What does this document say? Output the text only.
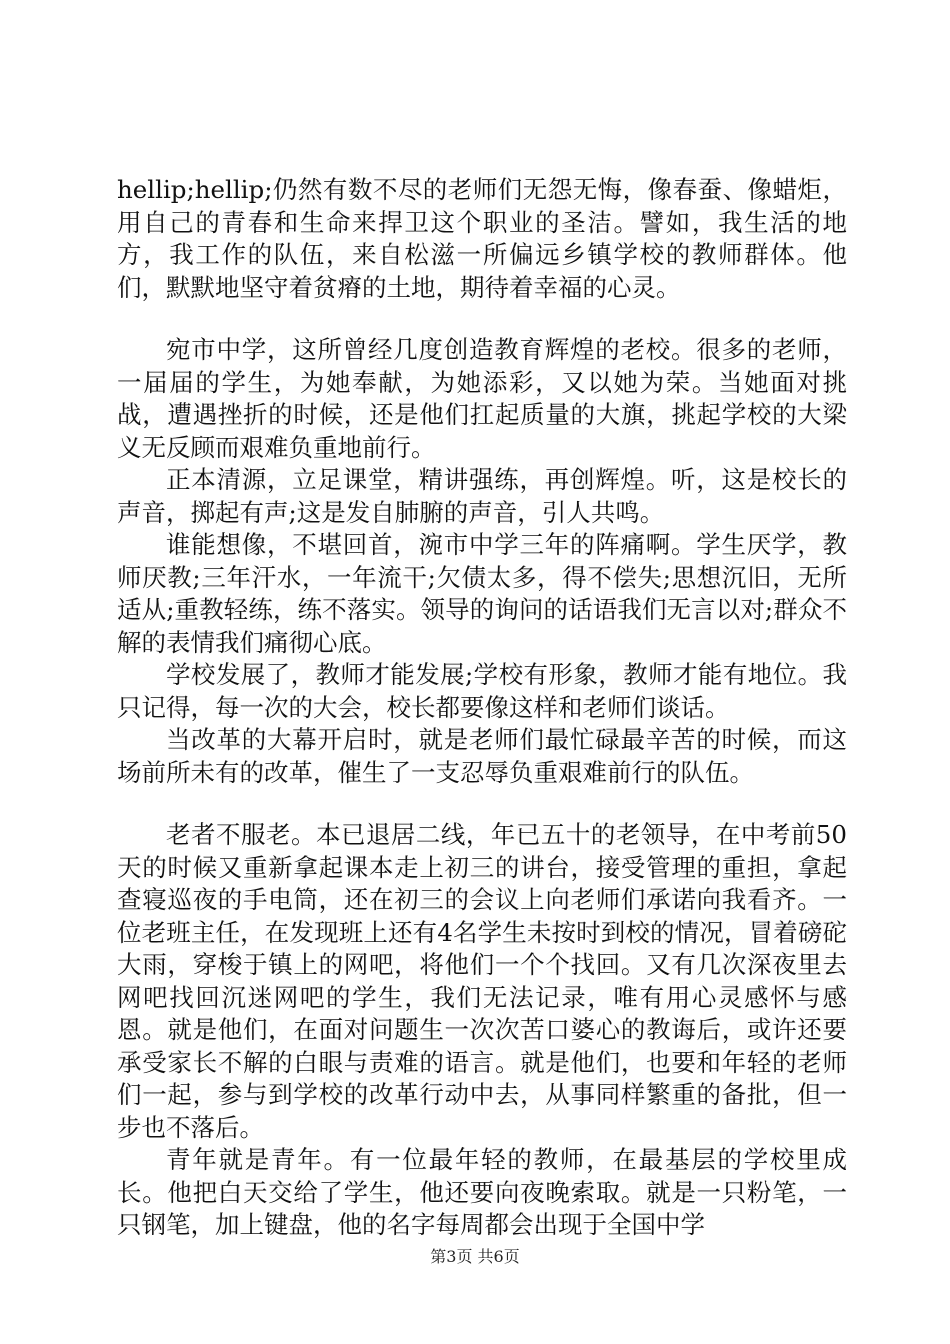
hellip;hellip;仍然有数不尽的老师们无怨无悔，像春蚕、像蜡炬，用自己的青春和生命来捍卫这个职业的圣洁。譬如，我生活的地方，我工作的队伍，来自松滋一所偏远乡镇学校的教师群体。他们，默默地坚守着贫瘠的土地，期待着幸福的心灵。

宛市中学，这所曾经几度创造教育辉煌的老校。很多的老师，一届届的学生，为她奉献，为她添彩，又以她为荣。当她面对挑战，遭遇挫折的时候，还是他们扛起质量的大旗，挑起学校的大梁义无反顾而艰难负重地前行。

正本清源，立足课堂，精讲强练，再创辉煌。听，这是校长的声音，掷起有声;这是发自肺腑的声音，引人共鸣。

谁能想像，不堪回首，涴市中学三年的阵痛啊。学生厌学，教师厌教;三年汗水，一年流干;欠债太多，得不偿失;思想沉旧，无所适从;重教轻练，练不落实。领导的询问的话语我们无言以对;群众不解的表情我们痛彻心底。

学校发展了，教师才能发展;学校有形象，教师才能有地位。我只记得，每一次的大会，校长都要像这样和老师们谈话。

当改革的大幕开启时，就是老师们最忙碌最辛苦的时候，而这场前所未有的改革，催生了一支忍辱负重艰难前行的队伍。

老者不服老。本已退居二线，年已五十的老领导，在中考前50天的时候又重新拿起课本走上初三的讲台，接受管理的重担，拿起查寝巡夜的手电筒，还在初三的会议上向老师们承诺向我看齐。一位老班主任，在发现班上还有4名学生未按时到校的情况，冒着磅砣大雨，穿梭于镇上的网吧，将他们一个个找回。又有几次深夜里去网吧找回沉迷网吧的学生，我们无法记录，唯有用心灵感怀与感恩。就是他们，在面对问题生一次次苦口婆心的教诲后，或许还要承受家长不解的白眼与责难的语言。就是他们，也要和年轻的老师们一起，参与到学校的改革行动中去，从事同样繁重的备批，但一步也不落后。

青年就是青年。有一位最年轻的教师，在最基层的学校里成长。他把白天交给了学生，他还要向夜晚索取。就是一只粉笔，一只钢笔，加上键盘，他的名字每周都会出现于全国中学

第3页 共6页
